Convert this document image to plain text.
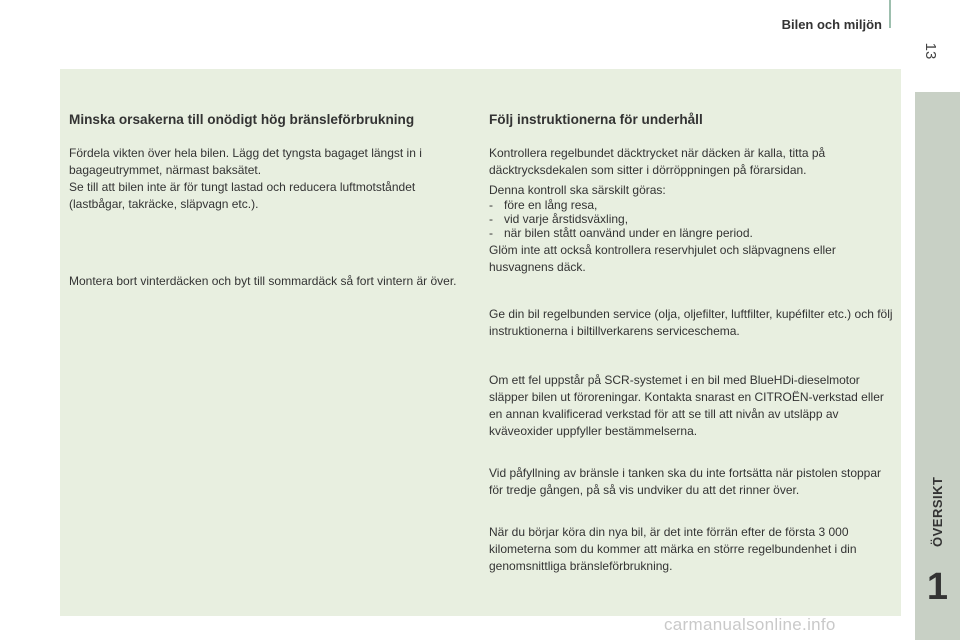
Bilen och miljön
13
ÖVERSIKT
1
Minska orsakerna till onödigt hög bränsleförbrukning

Fördela vikten över hela bilen. Lägg det tyngsta bagaget längst in i bagageutrymmet, närmast baksätet.

Se till att bilen inte är för tungt lastad och reducera luftmotståndet (lastbågar, takräcke, släpvagn etc.).

Montera bort vinterdäcken och byt till sommardäck så fort vintern är över.

Följ instruktionerna för underhåll

Kontrollera regelbundet däcktrycket när däcken är kalla, titta på däcktrycksdekalen som sitter i dörröppningen på förarsidan.

Denna kontroll ska särskilt göras:

- före en lång resa,
- vid varje årstidsväxling,
- när bilen stått oanvänd under en längre period.

Glöm inte att också kontrollera reservhjulet och släpvagnens eller husvagnens däck.

Ge din bil regelbunden service (olja, oljefilter, luftfilter, kupéfilter etc.) och följ instruktionerna i biltillverkarens serviceschema.

Om ett fel uppstår på SCR-systemet i en bil med BlueHDi-dieselmotor släpper bilen ut föroreningar. Kontakta snarast en CITROËN-verkstad eller en annan kvalificerad verkstad för att se till att nivån av utsläpp av kväveoxider uppfyller bestämmelserna.

Vid påfyllning av bränsle i tanken ska du inte fortsätta när pistolen stoppar för tredje gången, på så vis undviker du att det rinner över.

När du börjar köra din nya bil, är det inte förrän efter de första 3 000 kilometerna som du kommer att märka en större regelbundenhet i din genomsnittliga bränsleförbrukning.

carmanualsonline.info
